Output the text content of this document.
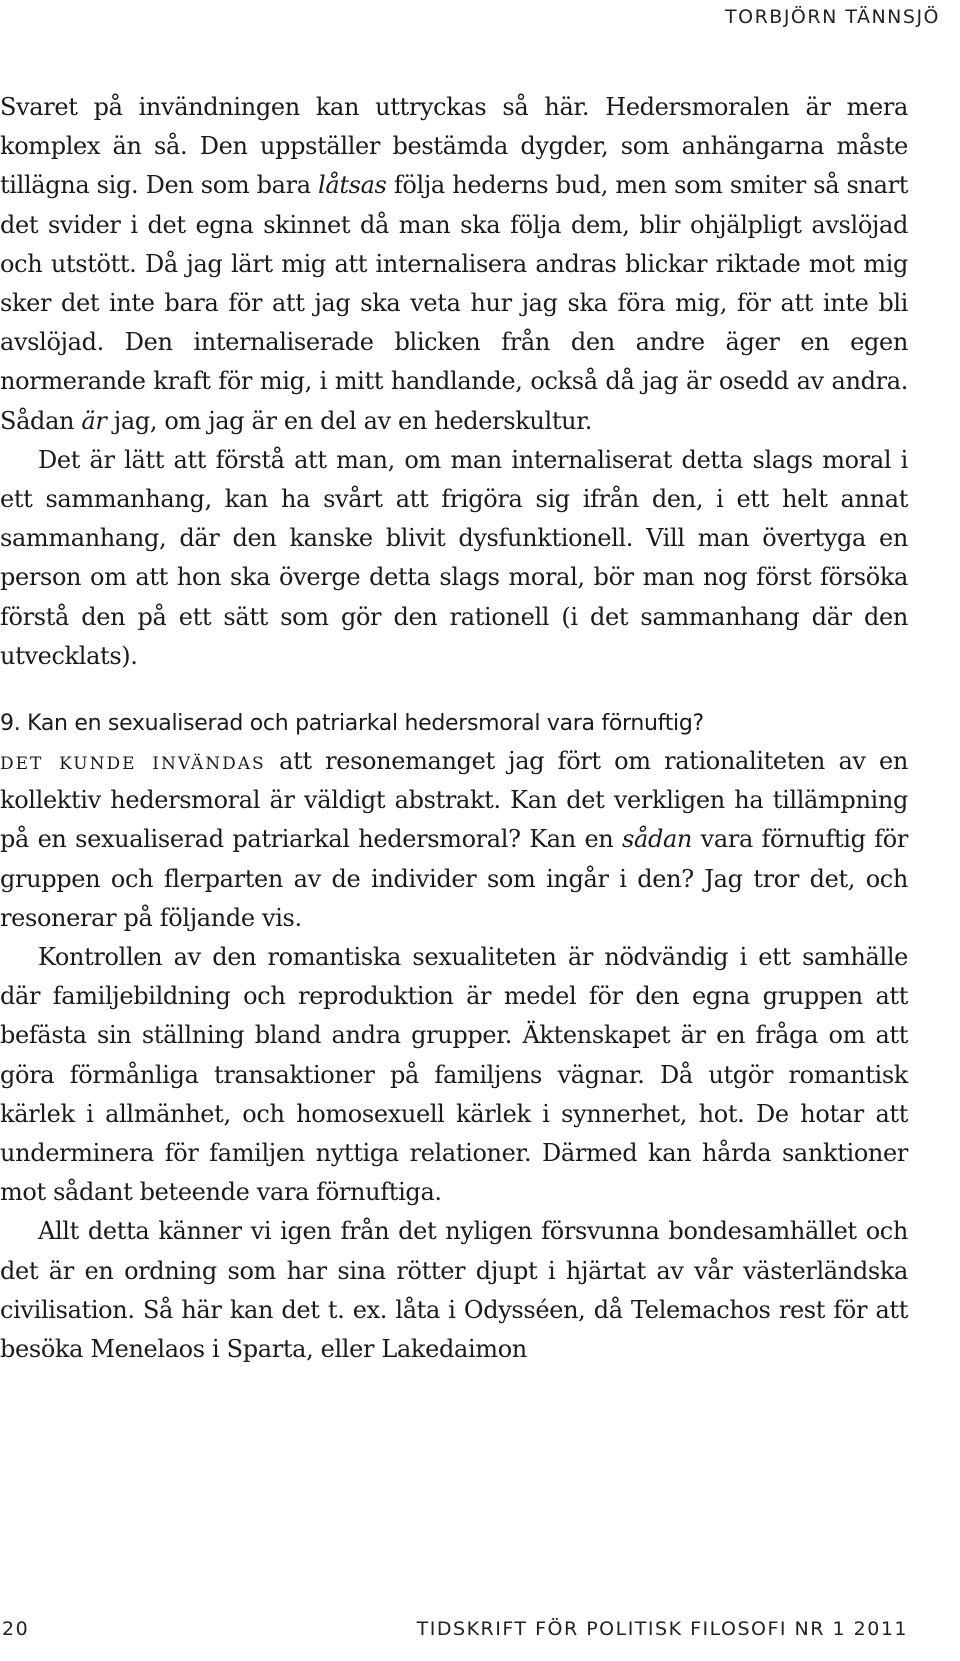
TORBJÖRN TÄNNSJÖ

Svaret på invändningen kan uttryckas så här. Hedersmoralen är mera komplex än så. Den uppställer bestämda dygder, som anhängarna måste tillägna sig. Den som bara låtsas följa hederns bud, men som smiter så snart det svider i det egna skinnet då man ska följa dem, blir ohjälpligt avslöjad och utstött. Då jag lärt mig att internalisera andras blickar riktade mot mig sker det inte bara för att jag ska veta hur jag ska föra mig, för att inte bli avslöjad. Den internaliserade blicken från den andre äger en egen normerande kraft för mig, i mitt handlande, också då jag är osedd av andra. Sådan är jag, om jag är en del av en hederskultur.

Det är lätt att förstå att man, om man internaliserat detta slags moral i ett sammanhang, kan ha svårt att frigöra sig ifrån den, i ett helt annat sammanhang, där den kanske blivit dysfunktionell. Vill man övertyga en person om att hon ska överge detta slags moral, bör man nog först försöka förstå den på ett sätt som gör den rationell (i det sammanhang där den utvecklats).

9. Kan en sexualiserad och patriarkal hedersmoral vara förnuftig?

det kunde invändas att resonemanget jag fört om rationaliteten av en kollektiv hedersmoral är väldigt abstrakt. Kan det verkligen ha tillämpning på en sexualiserad patriarkal hedersmoral? Kan en sådan vara förnuftig för gruppen och flerparten av de individer som ingår i den? Jag tror det, och resonerar på följande vis.

Kontrollen av den romantiska sexualiteten är nödvändig i ett samhälle där familjebildning och reproduktion är medel för den egna gruppen att befästa sin ställning bland andra grupper. Äktenskapet är en fråga om att göra förmånliga transaktioner på familjens vägnar. Då utgör romantisk kärlek i allmänhet, och homosexuell kärlek i synnerhet, hot. De hotar att underminera för familjen nyttiga relationer. Därmed kan hårda sanktioner mot sådant beteende vara förnuftiga.

Allt detta känner vi igen från det nyligen försvunna bondesamhället och det är en ordning som har sina rötter djupt i hjärtat av vår västerländska civilisation. Så här kan det t. ex. låta i Odysséen, då Telemachos rest för att besöka Menelaos i Sparta, eller Lakedaimon

20	TIDSKRIFT FÖR POLITISK FILOSOFI NR 1 2011
